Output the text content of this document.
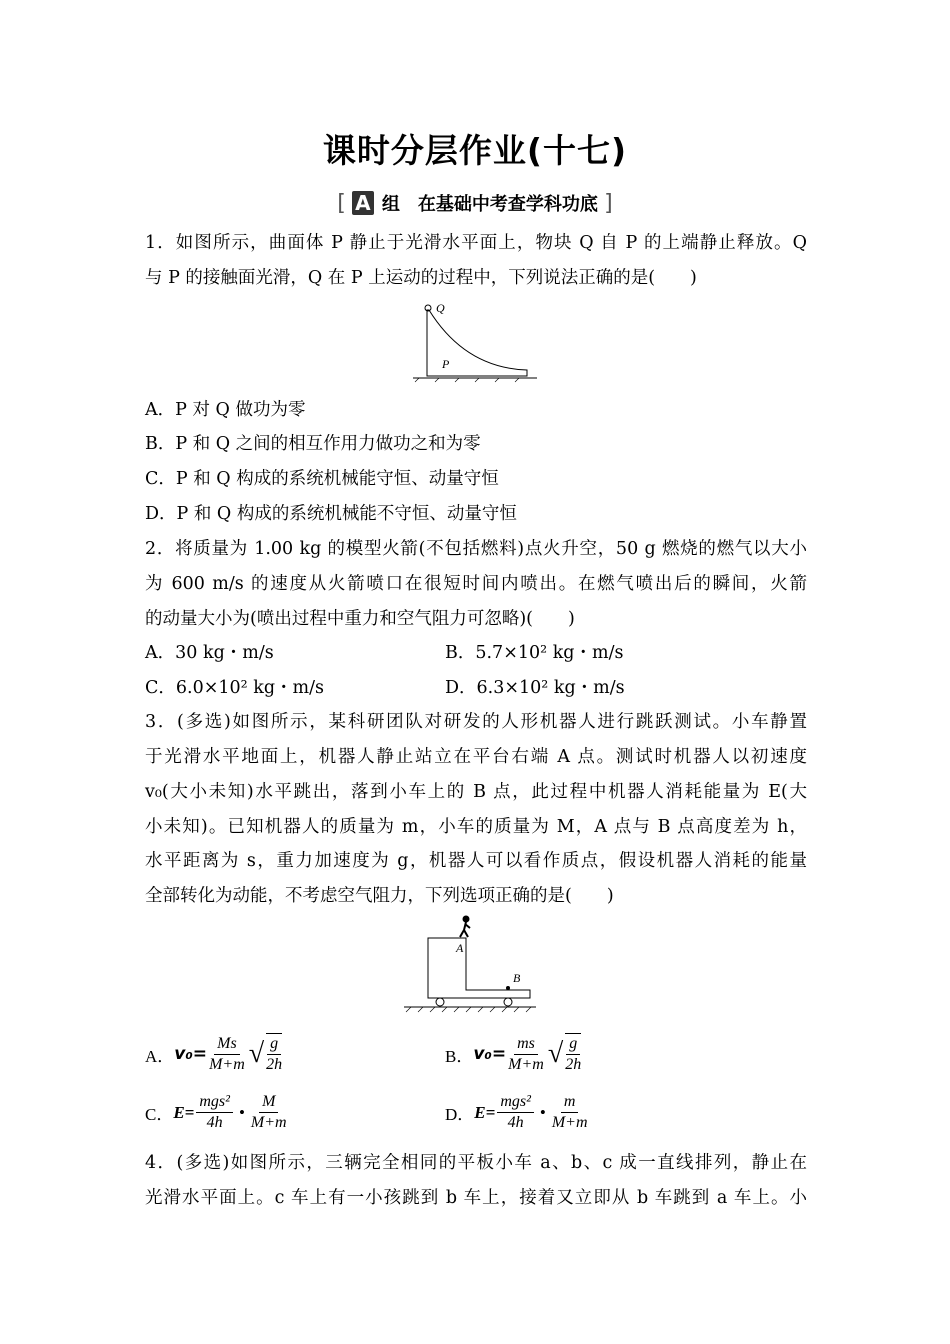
课时分层作业(十七)
[ A 组　在基础中考查学科功底 ]
1．如图所示，曲面体 P 静止于光滑水平面上，物块 Q 自 P 的上端静止释放。Q
与 P 的接触面光滑，Q 在 P 上运动的过程中，下列说法正确的是(　　)
Q
P
A．P 对 Q 做功为零
B．P 和 Q 之间的相互作用力做功之和为零
C．P 和 Q 构成的系统机械能守恒、动量守恒
D．P 和 Q 构成的系统机械能不守恒、动量守恒
2．将质量为 1.00 kg 的模型火箭(不包括燃料)点火升空，50 g 燃烧的燃气以大小
为 600 m/s 的速度从火箭喷口在很短时间内喷出。在燃气喷出后的瞬间，火箭
的动量大小为(喷出过程中重力和空气阻力可忽略)(　　)
A．30 kg・m/s	B．5.7×10² kg・m/s
C．6.0×10² kg・m/s	D．6.3×10² kg・m/s
3．(多选)如图所示，某科研团队对研发的人形机器人进行跳跃测试。小车静置
于光滑水平地面上，机器人静止站立在平台右端 A 点。测试时机器人以初速度
v₀(大小未知)水平跳出，落到小车上的 B 点，此过程中机器人消耗能量为 E(大
小未知)。已知机器人的质量为 m，小车的质量为 M，A 点与 B 点高度差为 h，
水平距离为 s，重力加速度为 g，机器人可以看作质点，假设机器人消耗的能量
全部转化为动能，不考虑空气阻力，下列选项正确的是(　　)
A
B
A． $v_0= \frac{Ms}{M+m}$ √ $\frac{g}{2h}$	B． $v_0= \frac{ms}{M+m}$ √ $\frac{g}{2h}$
C． $E= \frac{\text{mgs²}}{4h}$ • $\frac{M}{M+m}$	D． $E= \frac{\text{mgs²}}{4h}$ • $\frac{m}{M+m}$
4．(多选)如图所示，三辆完全相同的平板小车 a、b、c 成一直线排列，静止在
光滑水平面上。c 车上有一小孩跳到 b 车上，接着又立即从 b 车跳到 a 车上。小
